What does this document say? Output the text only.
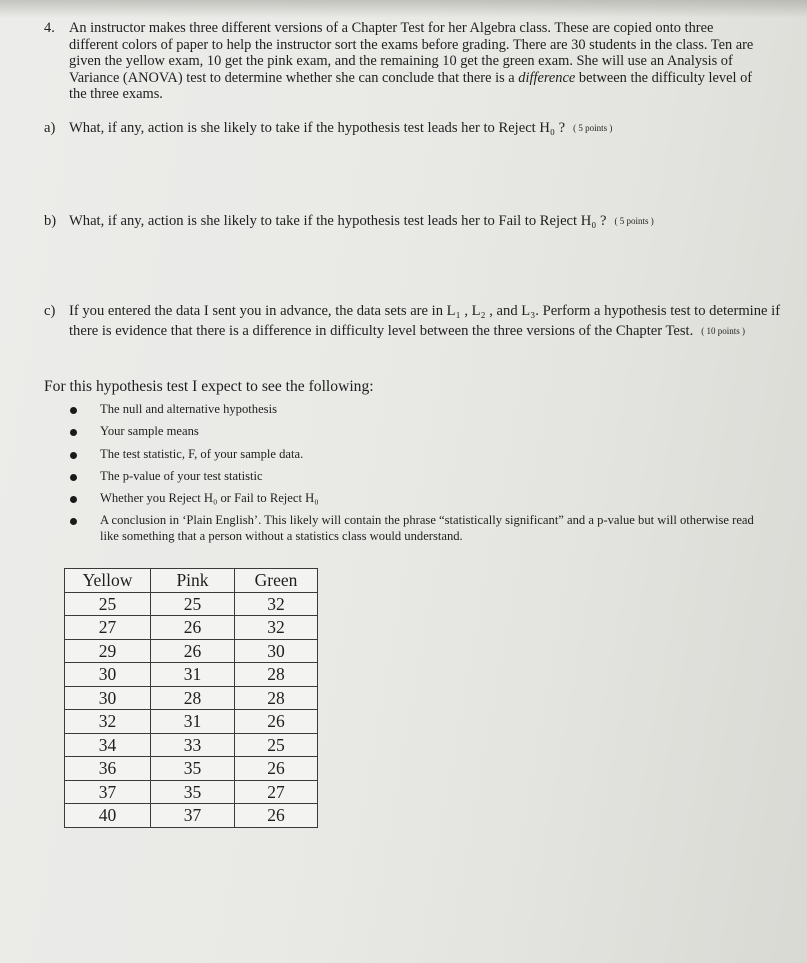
4. An instructor makes three different versions of a Chapter Test for her Algebra class. These are copied onto three different colors of paper to help the instructor sort the exams before grading. There are 30 students in the class. Ten are given the yellow exam, 10 get the pink exam, and the remaining 10 get the green exam. She will use an Analysis of Variance (ANOVA) test to determine whether she can conclude that there is a difference between the difficulty level of the three exams.
a) What, if any, action is she likely to take if the hypothesis test leads her to Reject H₀ ? ( 5 points )
b) What, if any, action is she likely to take if the hypothesis test leads her to Fail to Reject H₀ ? ( 5 points )
c) If you entered the data I sent you in advance, the data sets are in L₁ , L₂ , and L₃. Perform a hypothesis test to determine if there is evidence that there is a difference in difficulty level between the three versions of the Chapter Test. ( 10 points )
For this hypothesis test I expect to see the following:
The null and alternative hypothesis
Your sample means
The test statistic, F, of your sample data.
The p-value of your test statistic
Whether you Reject H₀ or Fail to Reject H₀
A conclusion in ‘Plain English’. This likely will contain the phrase “statistically significant” and a p-value but will otherwise read like something that a person without a statistics class would understand.
Yellow	Pink	Green
25	25	32
27	26	32
29	26	30
30	31	28
30	28	28
32	31	26
34	33	25
36	35	26
37	35	27
40	37	26
